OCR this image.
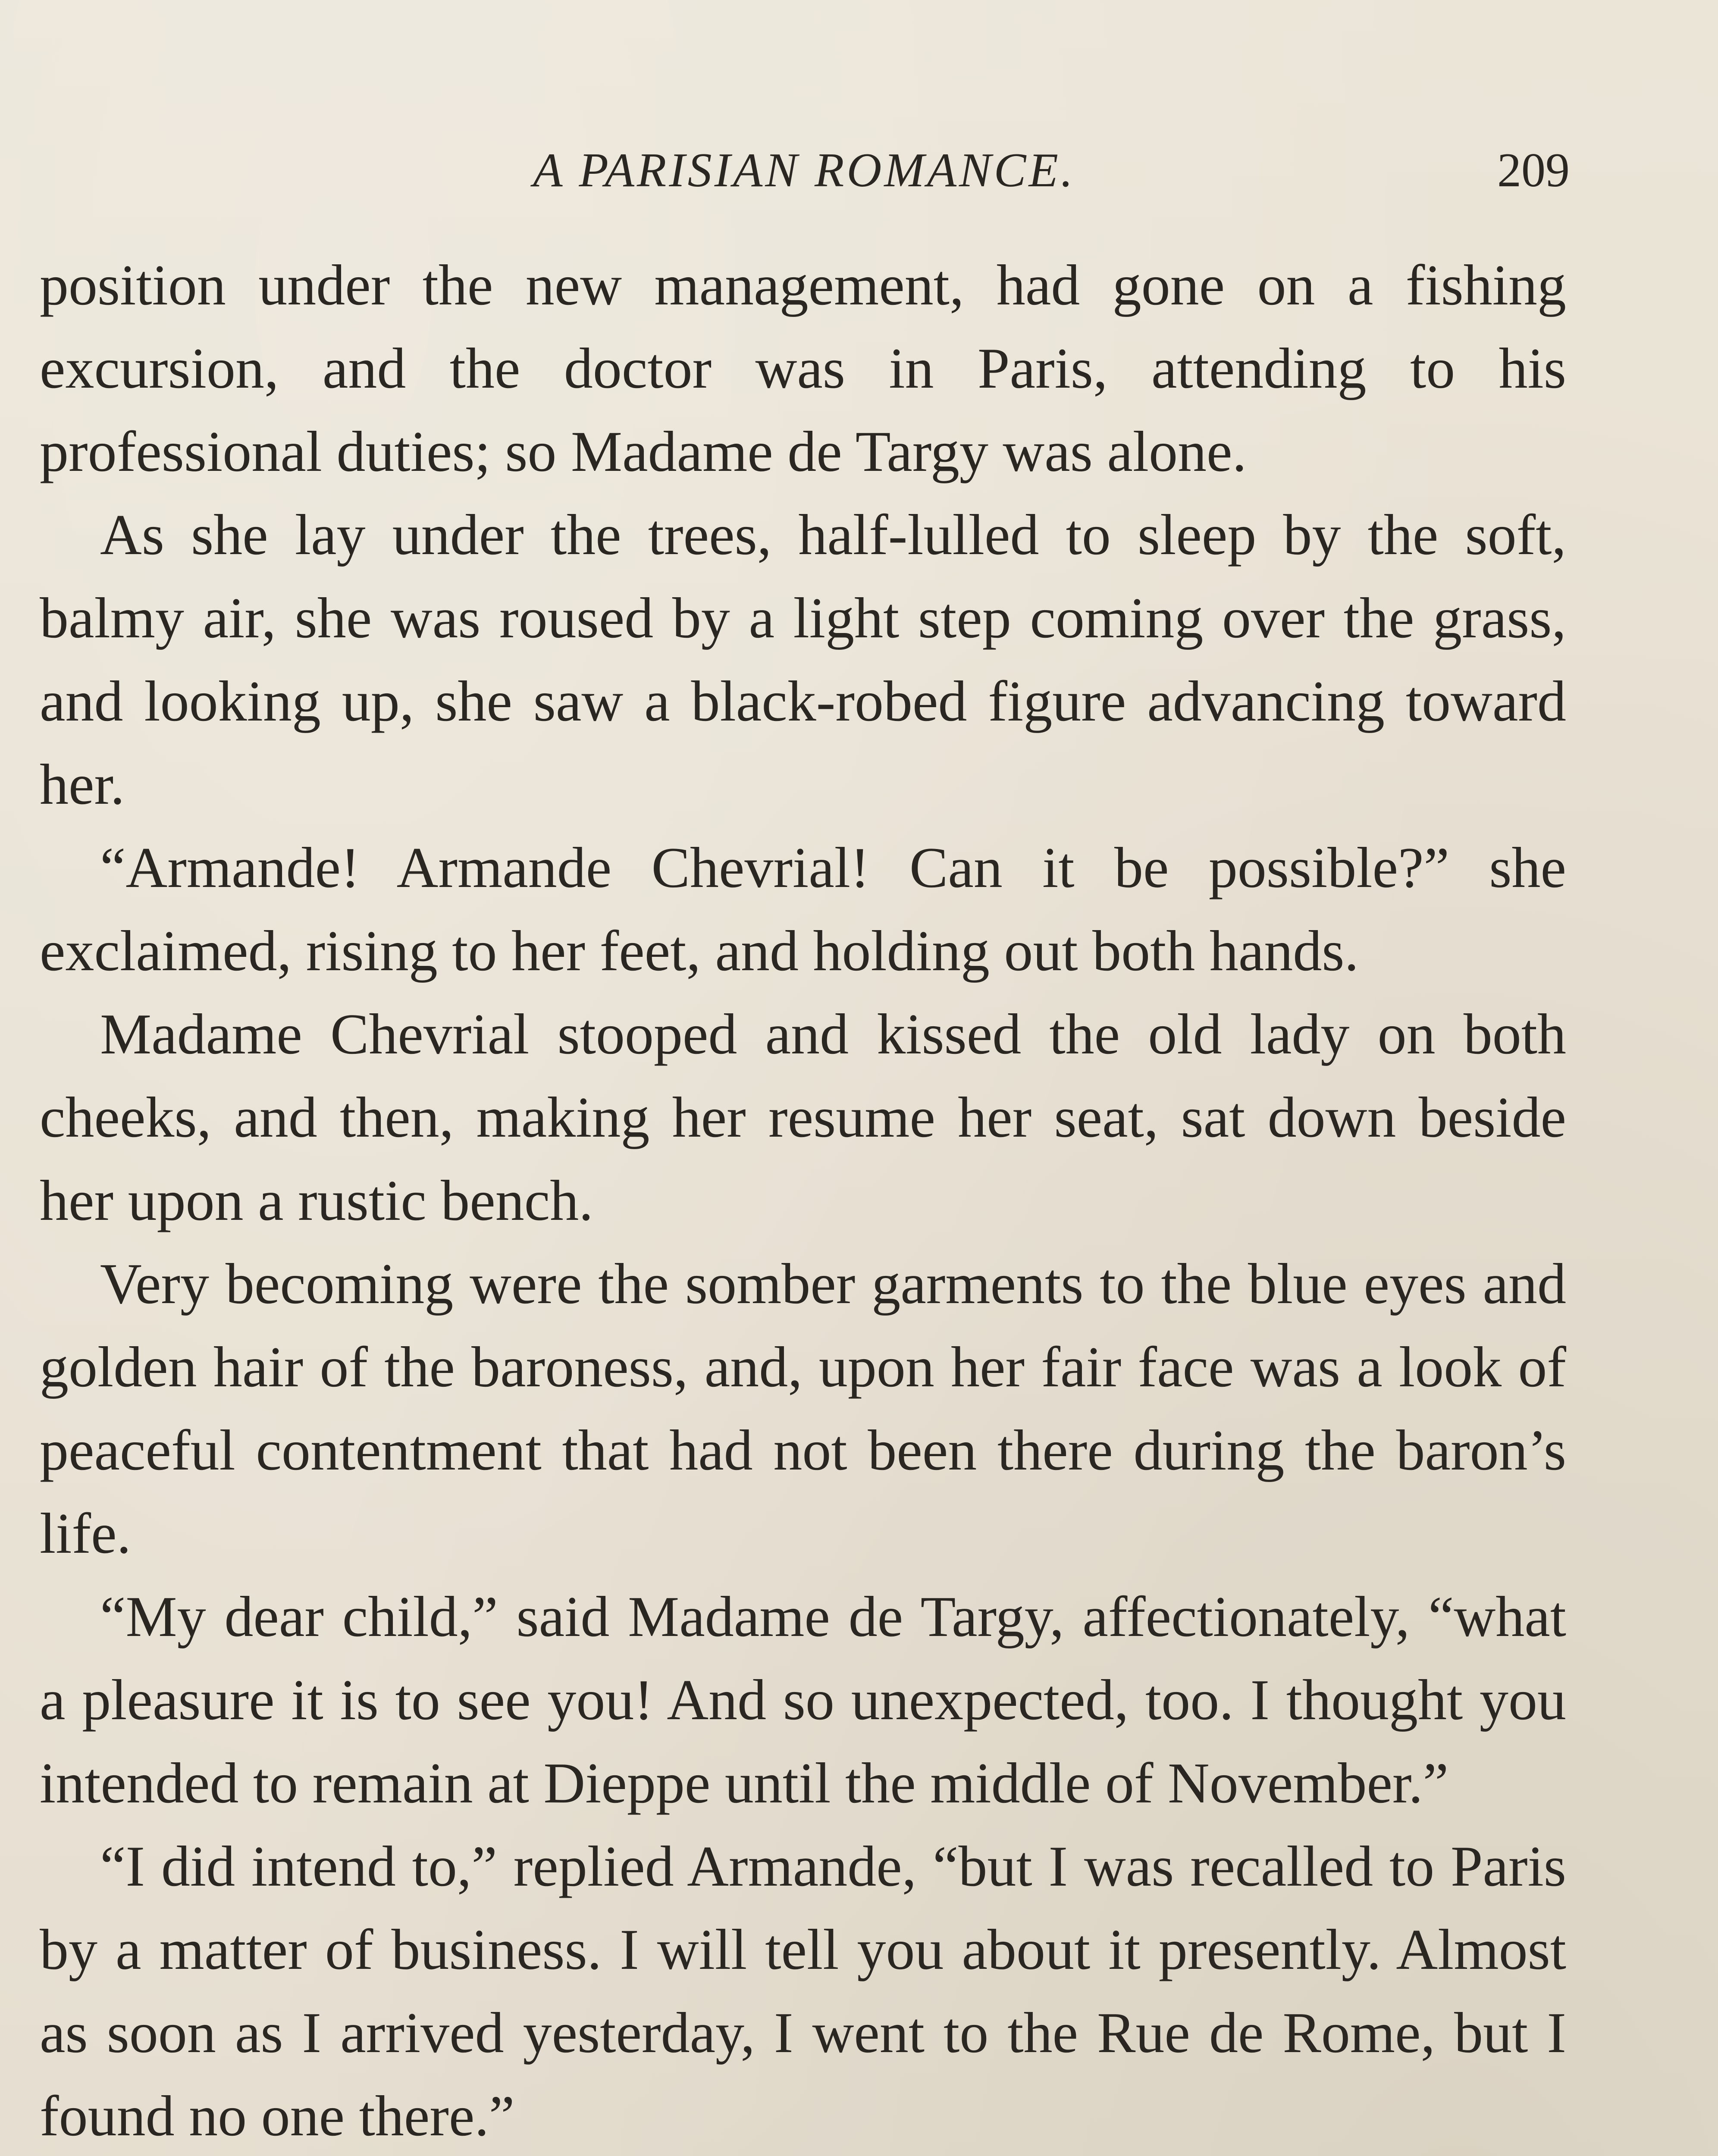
A PARISIAN ROMANCE.	209

position under the new management, had gone on a fishing excursion, and the doctor was in Paris, attending to his professional duties; so Madame de Targy was alone.

As she lay under the trees, half-lulled to sleep by the soft, balmy air, she was roused by a light step coming over the grass, and looking up, she saw a black-robed figure advancing toward her.

“Armande! Armande Chevrial! Can it be possible?” she exclaimed, rising to her feet, and holding out both hands.

Madame Chevrial stooped and kissed the old lady on both cheeks, and then, making her resume her seat, sat down beside her upon a rustic bench.

Very becoming were the somber garments to the blue eyes and golden hair of the baroness, and, upon her fair face was a look of peaceful contentment that had not been there during the baron’s life.

“My dear child,” said Madame de Targy, affectionately, “what a pleasure it is to see you! And so unexpected, too. I thought you intended to remain at Dieppe until the middle of November.”

“I did intend to,” replied Armande, “but I was recalled to Paris by a matter of business. I will tell you about it presently. Almost as soon as I arrived yesterday, I went to the Rue de Rome, but I found no one there.”
